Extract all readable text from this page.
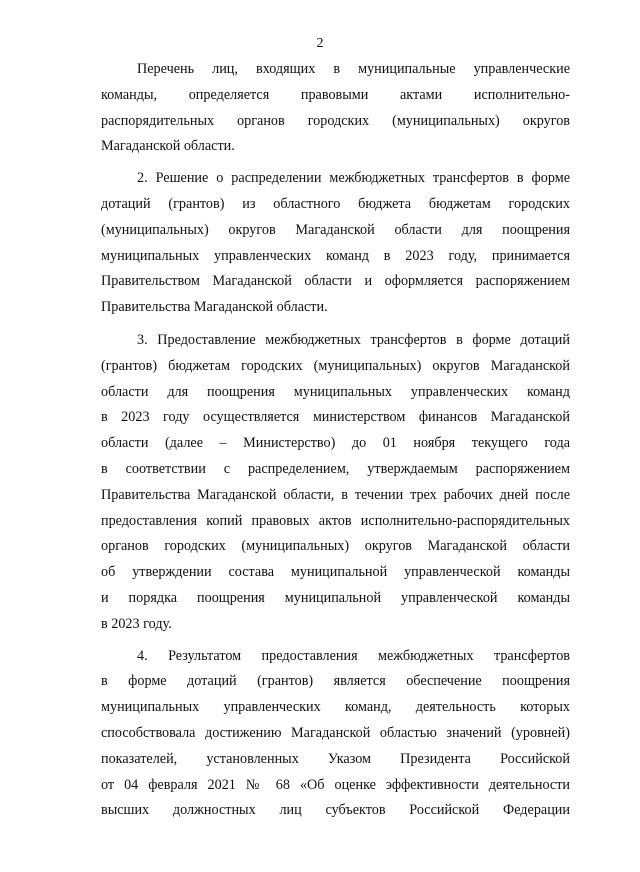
2

Перечень лиц, входящих в муниципальные управленческие
команды, определяется правовыми актами исполнительно-
распорядительных органов городских (муниципальных) округов
Магаданской области.

2. Решение о распределении межбюджетных трансфертов в форме
дотаций (грантов) из областного бюджета бюджетам городских
(муниципальных) округов Магаданской области для поощрения
муниципальных управленческих команд в 2023 году, принимается
Правительством Магаданской области и оформляется распоряжением
Правительства Магаданской области.

3. Предоставление межбюджетных трансфертов в форме дотаций
(грантов) бюджетам городских (муниципальных) округов Магаданской
области для поощрения муниципальных управленческих команд
в 2023 году осуществляется министерством финансов Магаданской
области (далее – Министерство) до 01 ноября текущего года
в соответствии с распределением, утверждаемым распоряжением
Правительства Магаданской области, в течении трех рабочих дней после
предоставления копий правовых актов исполнительно-распорядительных
органов городских (муниципальных) округов Магаданской области
об утверждении состава муниципальной управленческой команды
и порядка поощрения муниципальной управленческой команды
в 2023 году.

4. Результатом предоставления межбюджетных трансфертов
в форме дотаций (грантов) является обеспечение поощрения
муниципальных управленческих команд, деятельность которых
способствовала достижению Магаданской областью значений (уровней)
показателей, установленных Указом Президента Российской
от 04 февраля 2021 № 68 «Об оценке эффективности деятельности
высших должностных лиц субъектов Российской Федерации
